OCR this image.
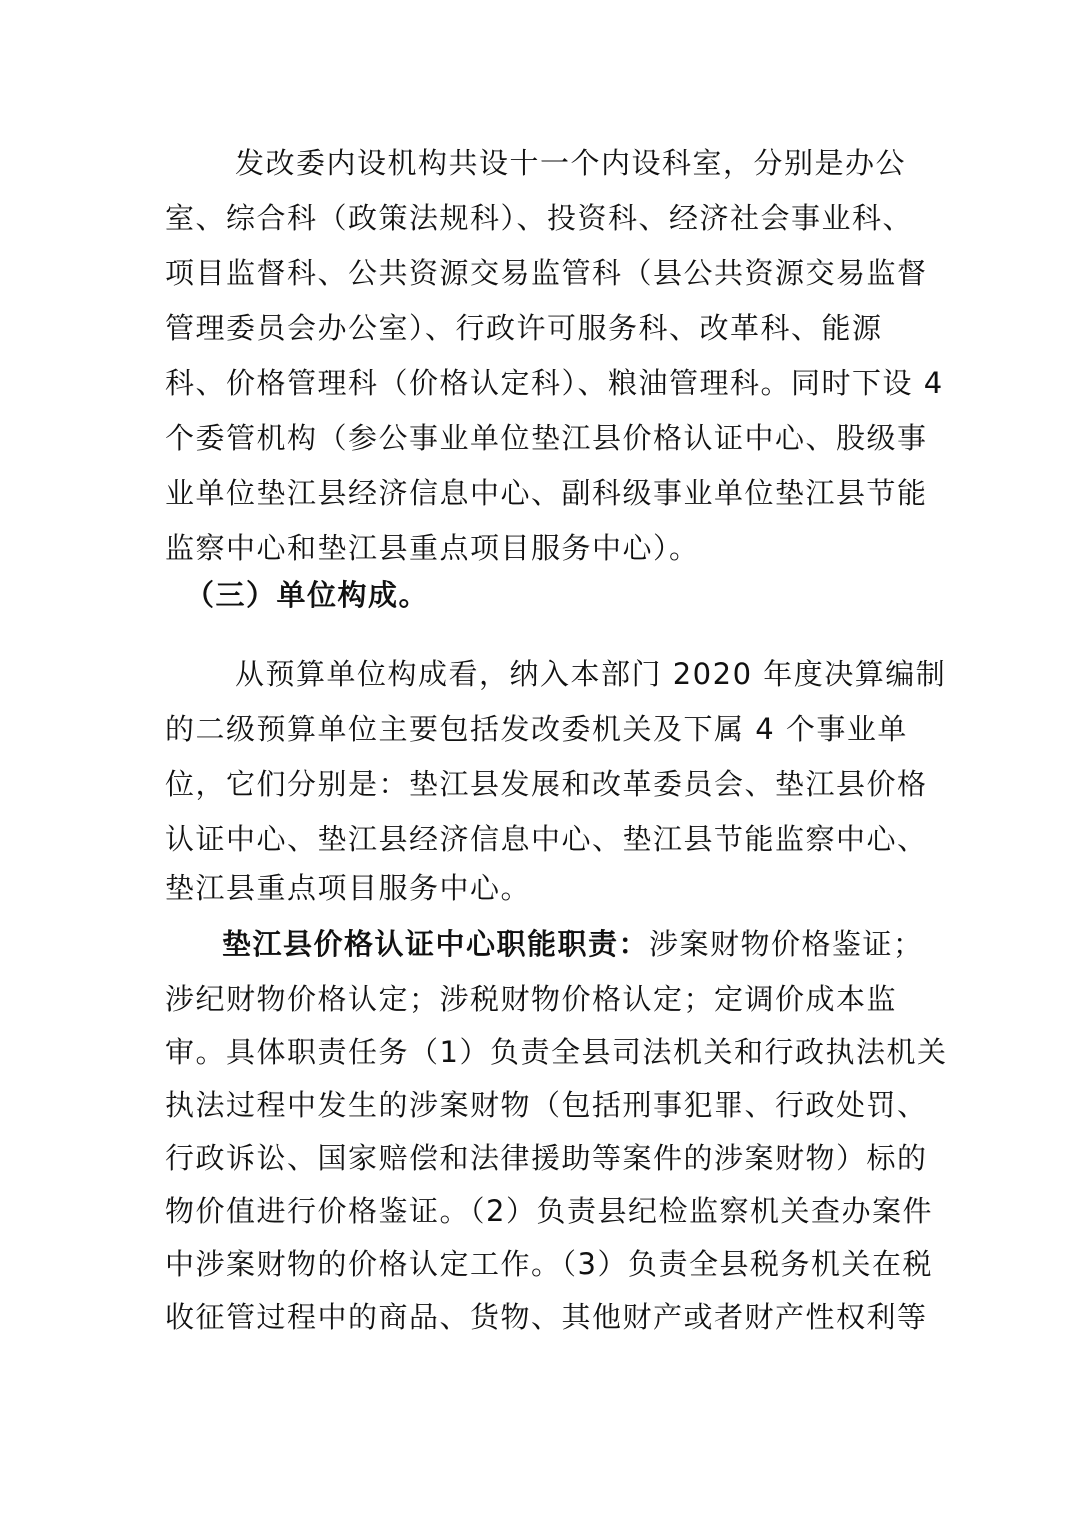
发改委内设机构共设十一个内设科室，分别是办公
室、综合科（政策法规科）、投资科、经济社会事业科、
项目监督科、公共资源交易监管科（县公共资源交易监督
管理委员会办公室）、行政许可服务科、改革科、能源
科、价格管理科（价格认定科）、粮油管理科。同时下设 4
个委管机构（参公事业单位垫江县价格认证中心、股级事
业单位垫江县经济信息中心、副科级事业单位垫江县节能
监察中心和垫江县重点项目服务中心）。
（三）单位构成。
从预算单位构成看，纳入本部门 2020 年度决算编制
的二级预算单位主要包括发改委机关及下属 4 个事业单
位，它们分别是：垫江县发展和改革委员会、垫江县价格
认证中心、垫江县经济信息中心、垫江县节能监察中心、
垫江县重点项目服务中心。
垫江县价格认证中心职能职责：涉案财物价格鉴证；
涉纪财物价格认定；涉税财物价格认定；定调价成本监
审。具体职责任务（1）负责全县司法机关和行政执法机关
执法过程中发生的涉案财物（包括刑事犯罪、行政处罚、
行政诉讼、国家赔偿和法律援助等案件的涉案财物）标的
物价值进行价格鉴证。（2）负责县纪检监察机关查办案件
中涉案财物的价格认定工作。（3）负责全县税务机关在税
收征管过程中的商品、货物、其他财产或者财产性权利等
